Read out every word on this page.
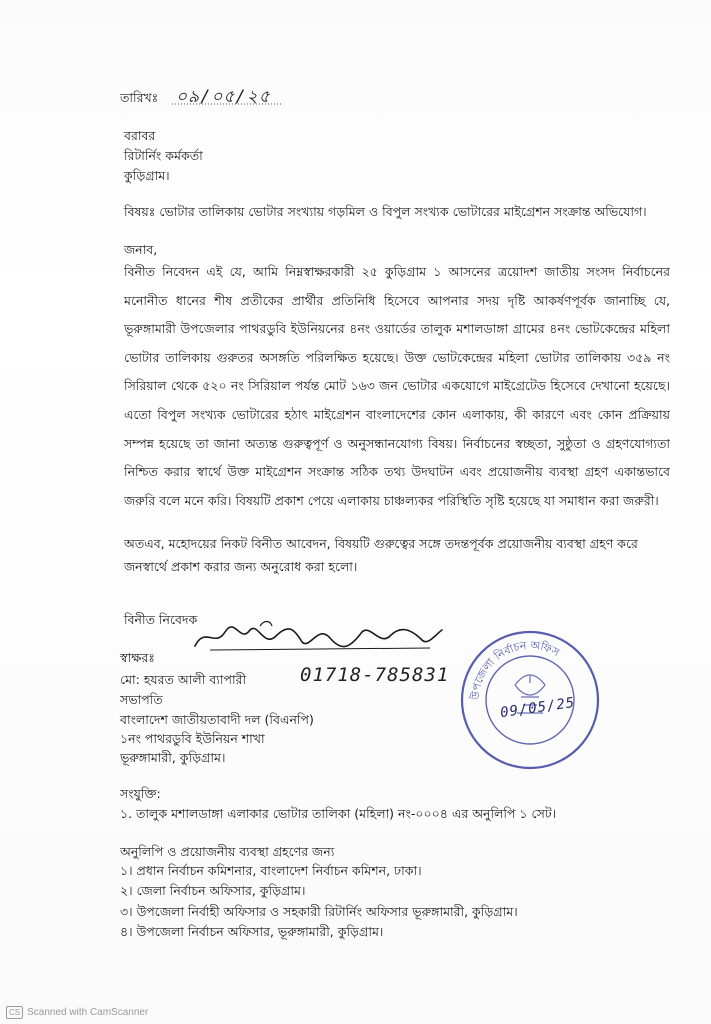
তারিখঃ ০৯/০৫/২৫
বরাবর
রিটার্নিং কর্মকর্তা
কুড়িগ্রাম।
বিষয়ঃ ভোটার তালিকায় ভোটার সংখ্যায় গড়মিল ও বিপুল সংখ্যক ভোটারের মাইগ্রেশন সংক্রান্ত অভিযোগ।
জনাব,
বিনীত নিবেদন এই যে, আমি নিম্নস্বাক্ষরকারী ২৫ কুড়িগ্রাম ১ আসনের ত্রয়োদশ জাতীয় সংসদ নির্বাচনের
মনোনীত ধানের শীষ প্রতীকের প্রার্থীর প্রতিনিধি হিসেবে আপনার সদয় দৃষ্টি আকর্ষণপূর্বক জানাচ্ছি যে,
ভূরুঙ্গামারী উপজেলার পাথরডুবি ইউনিয়নের ৪নং ওয়ার্ডের তালুক মশালডাঙ্গা গ্রামের ৪নং ভোটকেন্দ্রের মহিলা
ভোটার তালিকায় গুরুতর অসঙ্গতি পরিলক্ষিত হয়েছে। উক্ত ভোটকেন্দ্রের মহিলা ভোটার তালিকায় ৩৫৯ নং
সিরিয়াল থেকে ৫২০ নং সিরিয়াল পর্যন্ত মোট ১৬৩ জন ভোটার একযোগে মাইগ্রেটেড হিসেবে দেখানো হয়েছে।
এতো বিপুল সংখ্যক ভোটারের হঠাৎ মাইগ্রেশন বাংলাদেশের কোন এলাকায়, কী কারণে এবং কোন প্রক্রিয়ায়
সম্পন্ন হয়েছে তা জানা অত্যন্ত গুরুত্বপূর্ণ ও অনুসন্ধানযোগ্য বিষয়। নির্বাচনের স্বচ্ছতা, সুষ্ঠুতা ও গ্রহণযোগ্যতা
নিশ্চিত করার স্বার্থে উক্ত মাইগ্রেশন সংক্রান্ত সঠিক তথ্য উদঘাটন এবং প্রয়োজনীয় ব্যবস্থা গ্রহণ একান্তভাবে
জরুরি বলে মনে করি। বিষয়টি প্রকাশ পেয়ে এলাকায় চাঞ্চল্যকর পরিস্থিতি সৃষ্টি হয়েছে যা সমাধান করা জরুরী।
অতএব, মহোদয়ের নিকট বিনীত আবেদন, বিষয়টি গুরুত্বের সঙ্গে তদন্তপূর্বক প্রয়োজনীয় ব্যবস্থা গ্রহণ করে
জনস্বার্থে প্রকাশ করার জন্য অনুরোধ করা হলো।
বিনীত নিবেদক
স্বাক্ষরঃ
মো: হযরত আলী ব্যাপারী	01718-785831
সভাপতি
বাংলাদেশ জাতীয়তাবাদী দল (বিএনপি)
১নং পাথরডুবি ইউনিয়ন শাখা
ভূরুঙ্গামারী, কুড়িগ্রাম।
উপজেলা নির্বাচন অফিস
09/05/25
সংযুক্তি:
১. তালুক মশালডাঙ্গা এলাকার ভোটার তালিকা (মহিলা) নং-০০০৪ এর অনুলিপি ১ সেট।
অনুলিপি ও প্রয়োজনীয় ব্যবস্থা গ্রহণের জন্য
১। প্রধান নির্বাচন কমিশনার, বাংলাদেশ নির্বাচন কমিশন, ঢাকা।
২। জেলা নির্বাচন অফিসার, কুড়িগ্রাম।
৩। উপজেলা নির্বাহী অফিসার ও সহকারী রিটার্নিং অফিসার ভূরুঙ্গামারী, কুড়িগ্রাম।
৪। উপজেলা নির্বাচন অফিসার, ভূরুঙ্গামারী, কুড়িগ্রাম।
CS Scanned with CamScanner
